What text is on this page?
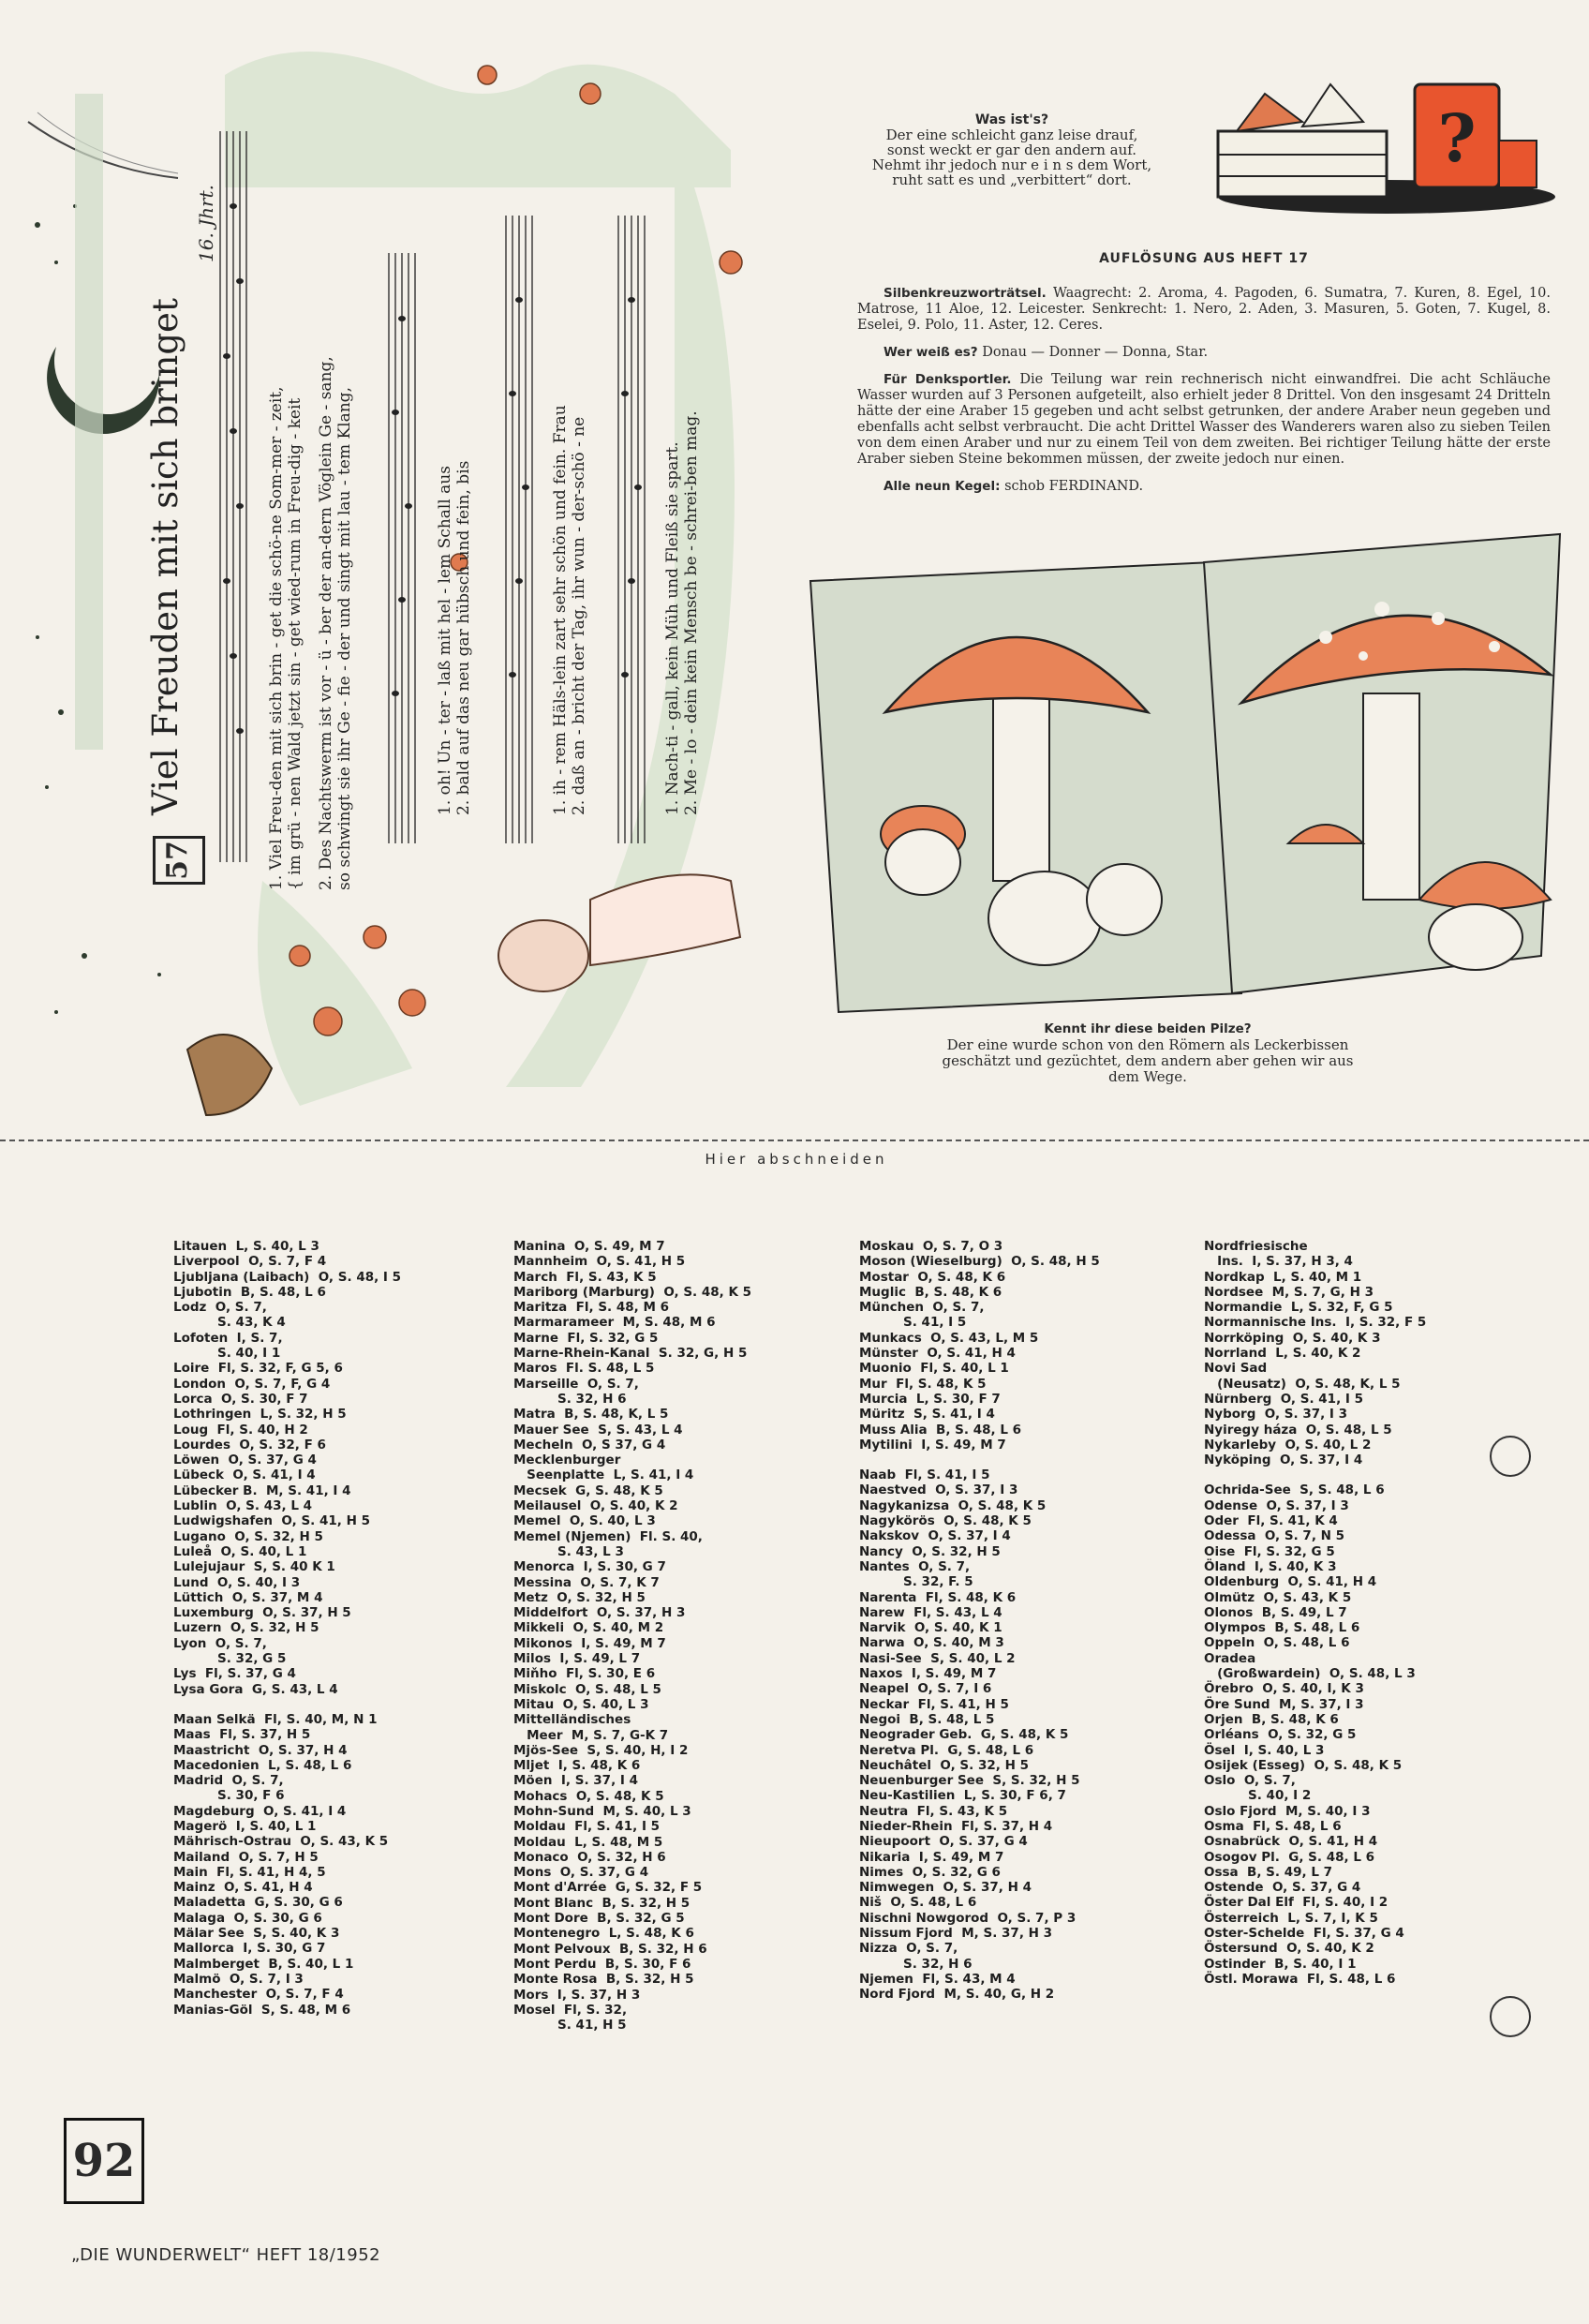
57
Viel Freuden mit sich bringet
16. Jhrt.
1. Viel Freu-den mit sich brin - get die schö-ne Som-mer - zeit, { im grü - nen Wald jetzt sin - get wied-rum in Freu-dig - keit 2. Des Nachtswerm ist vor - ü - ber der an-dern Vöglein Ge - sang, so schwingt sie ihr Ge - fie - der und singt mit lau - tem Klang,	1. oh! Un - ter - laß mit hel - lem Schall aus 2. bald auf das neu gar hübsch und fein, bis	1. ih - rem Häls-lein zart sehr schön und fein. Frau 2. daß an - bricht der Tag, ihr wun - der-schö - ne	1. Nach-ti - gall, kein Müh und Fleiß sie spart. 2. Me - lo - dein kein Mensch be - schrei-ben mag.
Was ist's?
Der eine schleicht ganz leise drauf,
sonst weckt er gar den andern auf.
Nehmt ihr jedoch nur e i n s dem Wort,
ruht satt es und „verbittert“ dort.
?
AUFLÖSUNG AUS HEFT 17

Silbenkreuzworträtsel. Waagrecht: 2. Aroma, 4. Pagoden, 6. Sumatra, 7. Kuren, 8. Egel, 10. Matrose, 11 Aloe, 12. Leicester. Senkrecht: 1. Nero, 2. Aden, 3. Masuren, 5. Goten, 7. Kugel, 8. Eselei, 9. Polo, 11. Aster, 12. Ceres.

Wer weiß es? Donau — Donner — Donna, Star.

Für Denksportler. Die Teilung war rein rechnerisch nicht einwandfrei. Die acht Schläuche Wasser wurden auf 3 Personen aufgeteilt, also erhielt jeder 8 Drittel. Von den insgesamt 24 Dritteln hätte der eine Araber 15 gegeben und acht selbst getrunken, der andere Araber neun gegeben und ebenfalls acht selbst verbraucht. Die acht Drittel Wasser des Wanderers waren also zu sieben Teilen von dem einen Araber und nur zu einem Teil von dem zweiten. Bei richtiger Teilung hätte der erste Araber sieben Steine bekommen müssen, der zweite jedoch nur einen.

Alle neun Kegel: schob FERDINAND.

Kennt ihr diese beiden Pilze?
Der eine wurde schon von den Römern als Leckerbissen geschätzt und gezüchtet, dem andern aber gehen wir aus dem Wege.
Hier abschneiden
Litauen  L, S. 40, L 3
Liverpool  O, S. 7, F 4
Ljubljana (Laibach)  O, S. 48, I 5
Ljubotin  B, S. 48, L 6
Lodz  O, S. 7,
S. 43, K 4
Lofoten  I, S. 7,
S. 40, I 1
Loire  Fl, S. 32, F, G 5, 6
London  O, S. 7, F, G 4
Lorca  O, S. 30, F 7
Lothringen  L, S. 32, H 5
Loug  Fl, S. 40, H 2
Lourdes  O, S. 32, F 6
Löwen  O, S. 37, G 4
Lübeck  O, S. 41, I 4
Lübecker B.  M, S. 41, I 4
Lublin  O, S. 43, L 4
Ludwigshafen  O, S. 41, H 5
Lugano  O, S. 32, H 5
Luleå  O, S. 40, L 1
Lulejujaur  S, S. 40 K 1
Lund  O, S. 40, I 3
Lüttich  O, S. 37, M 4
Luxemburg  O, S. 37, H 5
Luzern  O, S. 32, H 5
Lyon  O, S. 7,
S. 32, G 5
Lys  Fl, S. 37, G 4
Lysa Gora  G, S. 43, L 4
Maan Selkä  Fl, S. 40, M, N 1
Maas  Fl, S. 37, H 5
Maastricht  O, S. 37, H 4
Macedonien  L, S. 48, L 6
Madrid  O, S. 7,
S. 30, F 6
Magdeburg  O, S. 41, I 4
Magerö  I, S. 40, L 1
Mährisch-Ostrau  O, S. 43, K 5
Mailand  O, S. 7, H 5
Main  Fl, S. 41, H 4, 5
Mainz  O, S. 41, H 4
Maladetta  G, S. 30, G 6
Malaga  O, S. 30, G 6
Mälar See  S, S. 40, K 3
Mallorca  I, S. 30, G 7
Malmberget  B, S. 40, L 1
Malmö  O, S. 7, I 3
Manchester  O, S. 7, F 4
Manias-Göl  S, S. 48, M 6
Manina  O, S. 49, M 7
Mannheim  O, S. 41, H 5
March  Fl, S. 43, K 5
Mariborg (Marburg)  O, S. 48, K 5
Maritza  Fl, S. 48, M 6
Marmarameer  M, S. 48, M 6
Marne  Fl, S. 32, G 5
Marne-Rhein-Kanal  S. 32, G, H 5
Maros  Fl. S. 48, L 5
Marseille  O, S. 7,
S. 32, H 6
Matra  B, S. 48, K, L 5
Mauer See  S, S. 43, L 4
Mecheln  O, S 37, G 4
Mecklenburger
Seenplatte  L, S. 41, I 4
Mecsek  G, S. 48, K 5
Meilausel  O, S. 40, K 2
Memel  O, S. 40, L 3
Memel (Njemen)  Fl. S. 40,
S. 43, L 3
Menorca  I, S. 30, G 7
Messina  O, S. 7, K 7
Metz  O, S. 32, H 5
Middelfort  O, S. 37, H 3
Mikkeli  O, S. 40, M 2
Mikonos  I, S. 49, M 7
Milos  I, S. 49, L 7
Miňho  Fl, S. 30, E 6
Miskolc  O, S. 48, L 5
Mitau  O, S. 40, L 3
Mittelländisches
Meer  M, S. 7, G-K 7
Mjös-See  S, S. 40, H, I 2
Mljet  I, S. 48, K 6
Möen  I, S. 37, I 4
Mohacs  O, S. 48, K 5
Mohn-Sund  M, S. 40, L 3
Moldau  Fl, S. 41, I 5
Moldau  L, S. 48, M 5
Monaco  O, S. 32, H 6
Mons  O, S. 37, G 4
Mont d'Arrée  G, S. 32, F 5
Mont Blanc  B, S. 32, H 5
Mont Dore  B, S. 32, G 5
Montenegro  L, S. 48, K 6
Mont Pelvoux  B, S. 32, H 6
Mont Perdu  B, S. 30, F 6
Monte Rosa  B, S. 32, H 5
Mors  I, S. 37, H 3
Mosel  Fl, S. 32,
S. 41, H 5
Moskau  O, S. 7, O 3
Moson (Wieselburg)  O, S. 48, H 5
Mostar  O, S. 48, K 6
Muglic  B, S. 48, K 6
München  O, S. 7,
S. 41, I 5
Munkacs  O, S. 43, L, M 5
Münster  O, S. 41, H 4
Muonio  Fl, S. 40, L 1
Mur  Fl, S. 48, K 5
Murcia  L, S. 30, F 7
Müritz  S, S. 41, I 4
Muss Alia  B, S. 48, L 6
Mytilini  I, S. 49, M 7
Naab  Fl, S. 41, I 5
Naestved  O, S. 37, I 3
Nagykanizsa  O, S. 48, K 5
Nagykörös  O, S. 48, K 5
Nakskov  O, S. 37, I 4
Nancy  O, S. 32, H 5
Nantes  O, S. 7,
S. 32, F. 5
Narenta  Fl, S. 48, K 6
Narew  Fl, S. 43, L 4
Narvik  O, S. 40, K 1
Narwa  O, S. 40, M 3
Nasi-See  S, S. 40, L 2
Naxos  I, S. 49, M 7
Neapel  O, S. 7, I 6
Neckar  Fl, S. 41, H 5
Negoi  B, S. 48, L 5
Neograder Geb.  G, S. 48, K 5
Neretva Pl.  G, S. 48, L 6
Neuchâtel  O, S. 32, H 5
Neuenburger See  S, S. 32, H 5
Neu-Kastilien  L, S. 30, F 6, 7
Neutra  Fl, S. 43, K 5
Nieder-Rhein  Fl, S. 37, H 4
Nieupoort  O, S. 37, G 4
Nikaria  I, S. 49, M 7
Nimes  O, S. 32, G 6
Nimwegen  O, S. 37, H 4
Niš  O, S. 48, L 6
Nischni Nowgorod  O, S. 7, P 3
Nissum Fjord  M, S. 37, H 3
Nizza  O, S. 7,
S. 32, H 6
Njemen  Fl, S. 43, M 4
Nord Fjord  M, S. 40, G, H 2
Nordfriesische
Ins.  I, S. 37, H 3, 4
Nordkap  L, S. 40, M 1
Nordsee  M, S. 7, G, H 3
Normandie  L, S. 32, F, G 5
Normannische Ins.  I, S. 32, F 5
Norrköping  O, S. 40, K 3
Norrland  L, S. 40, K 2
Novi Sad
(Neusatz)  O, S. 48, K, L 5
Nürnberg  O, S. 41, I 5
Nyborg  O, S. 37, I 3
Nyiregy háza  O, S. 48, L 5
Nykarleby  O, S. 40, L 2
Nyköping  O, S. 37, I 4
Ochrida-See  S, S. 48, L 6
Odense  O, S. 37, I 3
Oder  Fl, S. 41, K 4
Odessa  O, S. 7, N 5
Oise  Fl, S. 32, G 5
Öland  I, S. 40, K 3
Oldenburg  O, S. 41, H 4
Olmütz  O, S. 43, K 5
Olonos  B, S. 49, L 7
Olympos  B, S. 48, L 6
Oppeln  O, S. 48, L 6
Oradea
(Großwardein)  O, S. 48, L 3
Örebro  O, S. 40, I, K 3
Öre Sund  M, S. 37, I 3
Orjen  B, S. 48, K 6
Orléans  O, S. 32, G 5
Ösel  I, S. 40, L 3
Osijek (Esseg)  O, S. 48, K 5
Oslo  O, S. 7,
S. 40, I 2
Oslo Fjord  M, S. 40, I 3
Osma  Fl, S. 48, L 6
Osnabrück  O, S. 41, H 4
Osogov Pl.  G, S. 48, L 6
Ossa  B, S. 49, L 7
Ostende  O, S. 37, G 4
Öster Dal Elf  Fl, S. 40, I 2
Österreich  L, S. 7, I, K 5
Oster-Schelde  Fl, S. 37, G 4
Östersund  O, S. 40, K 2
Ostinder  B, S. 40, I 1
Östl. Morawa  Fl, S. 48, L 6
92
„DIE WUNDERWELT“ HEFT 18/1952
